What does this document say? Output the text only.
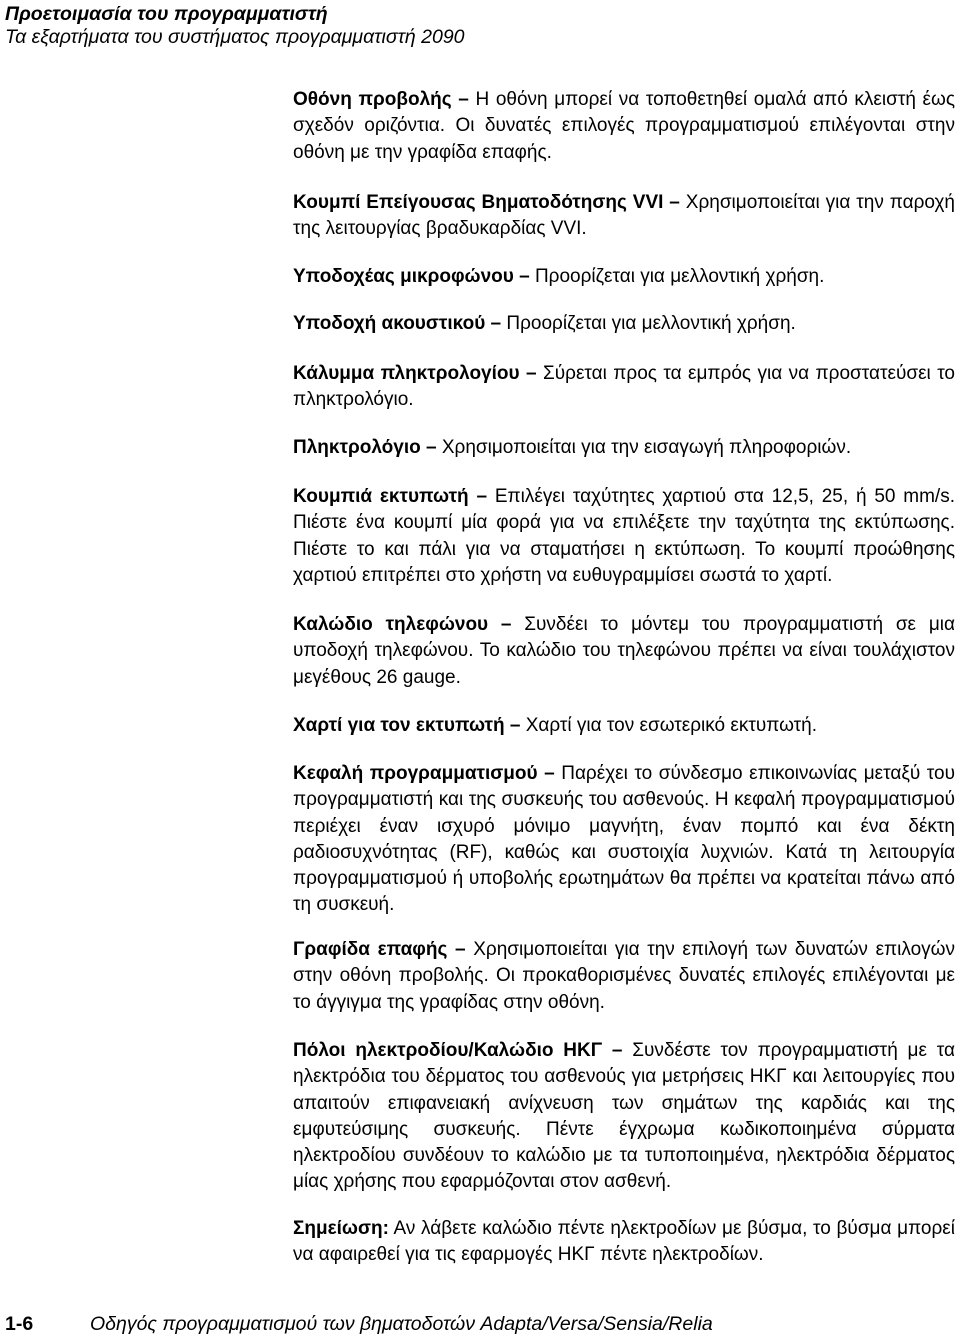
Προετοιμασία του προγραμματιστή
Τα εξαρτήματα του συστήματος προγραμματιστή 2090
Οθόνη προβολής – Η οθόνη μπορεί να τοποθετηθεί ομαλά από κλειστή έως σχεδόν οριζόντια. Οι δυνατές επιλογές προγραμματισμού επιλέγονται στην οθόνη με την γραφίδα επαφής.
Κουμπί Επείγουσας Βηματοδότησης VVI – Χρησιμοποιείται για την παροχή της λειτουργίας βραδυκαρδίας VVI.
Υποδοχέας μικροφώνου – Προορίζεται για μελλοντική χρήση.
Υποδοχή ακουστικού – Προορίζεται για μελλοντική χρήση.
Κάλυμμα πληκτρολογίου – Σύρεται προς τα εμπρός για να προστατεύσει το πληκτρολόγιο.
Πληκτρολόγιο – Χρησιμοποιείται για την εισαγωγή πληροφοριών.
Κουμπιά εκτυπωτή – Επιλέγει ταχύτητες χαρτιού στα 12,5, 25, ή 50 mm/s. Πιέστε ένα κουμπί μία φορά για να επιλέξετε την ταχύτητα της εκτύπωσης. Πιέστε το και πάλι για να σταματήσει η εκτύπωση. Το κουμπί προώθησης χαρτιού επιτρέπει στο χρήστη να ευθυγραμμίσει σωστά το χαρτί.
Καλώδιο τηλεφώνου – Συνδέει το μόντεμ του προγραμματιστή σε μια υποδοχή τηλεφώνου. Το καλώδιο του τηλεφώνου πρέπει να είναι τουλάχιστον μεγέθους 26 gauge.
Χαρτί για τον εκτυπωτή – Χαρτί για τον εσωτερικό εκτυπωτή.
Κεφαλή προγραμματισμού – Παρέχει το σύνδεσμο επικοινωνίας μεταξύ του προγραμματιστή και της συσκευής του ασθενούς. Η κεφαλή προγραμματισμού περιέχει έναν ισχυρό μόνιμο μαγνήτη, έναν πομπό και ένα δέκτη ραδιοσυχνότητας (RF), καθώς και συστοιχία λυχνιών. Κατά τη λειτουργία προγραμματισμού ή υποβολής ερωτημάτων θα πρέπει να κρατείται πάνω από τη συσκευή.
Γραφίδα επαφής – Χρησιμοποιείται για την επιλογή των δυνατών επιλογών στην οθόνη προβολής. Οι προκαθορισμένες δυνατές επιλογές επιλέγονται με το άγγιγμα της γραφίδας στην οθόνη.
Πόλοι ηλεκτροδίου/Καλώδιο ΗΚΓ – Συνδέστε τον προγραμματιστή με τα ηλεκτρόδια του δέρματος του ασθενούς για μετρήσεις ΗΚΓ και λειτουργίες που απαιτούν επιφανειακή ανίχνευση των σημάτων της καρδιάς και της εμφυτεύσιμης συσκευής. Πέντε έγχρωμα κωδικοποιημένα σύρματα ηλεκτροδίου συνδέουν το καλώδιο με τα τυποποιημένα, ηλεκτρόδια δέρματος μίας χρήσης που εφαρμόζονται στον ασθενή.
Σημείωση: Αν λάβετε καλώδιο πέντε ηλεκτροδίων με βύσμα, το βύσμα μπορεί να αφαιρεθεί για τις εφαρμογές ΗΚΓ πέντε ηλεκτροδίων.
1-6	Οδηγός προγραμματισμού των βηματοδοτών Adapta/Versa/Sensia/Relia
